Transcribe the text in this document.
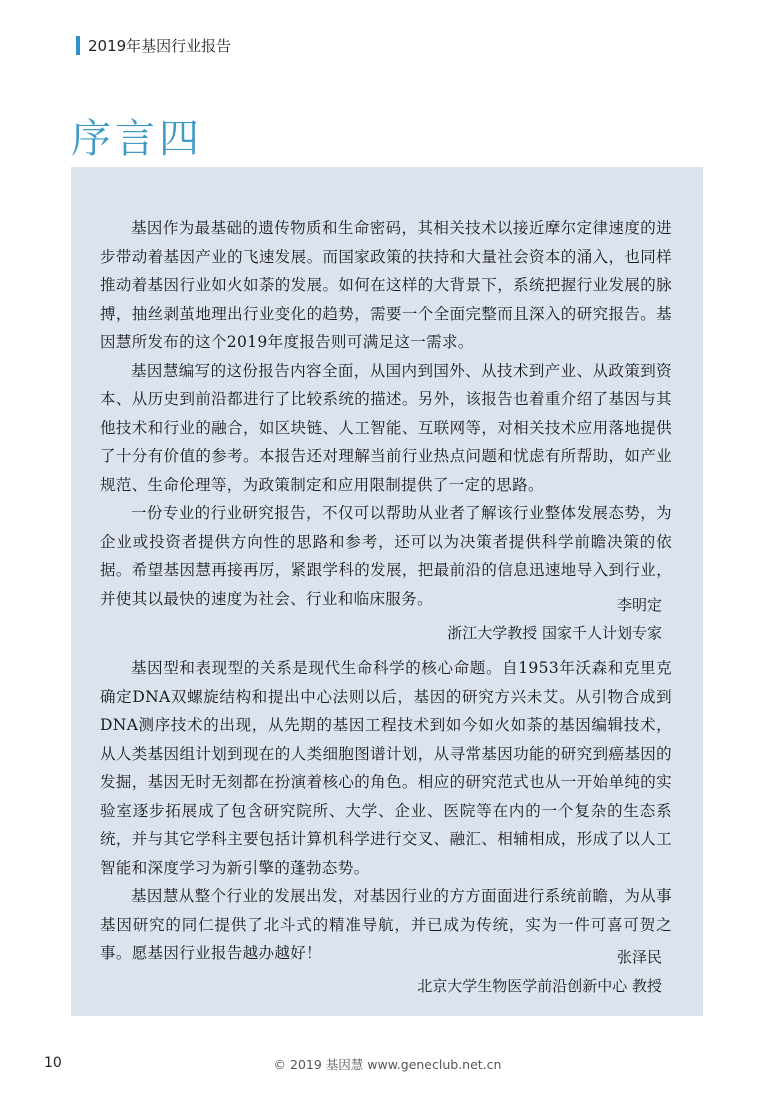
2019年基因行业报告
序言四

基因作为最基础的遗传物质和生命密码，其相关技术以接近摩尔定律速度的进步带动着基因产业的飞速发展。而国家政策的扶持和大量社会资本的涌入，也同样推动着基因行业如火如荼的发展。如何在这样的大背景下，系统把握行业发展的脉搏，抽丝剥茧地理出行业变化的趋势，需要一个全面完整而且深入的研究报告。基因慧所发布的这个2019年度报告则可满足这一需求。

基因慧编写的这份报告内容全面，从国内到国外、从技术到产业、从政策到资本、从历史到前沿都进行了比较系统的描述。另外，该报告也着重介绍了基因与其他技术和行业的融合，如区块链、人工智能、互联网等，对相关技术应用落地提供了十分有价值的参考。本报告还对理解当前行业热点问题和忧虑有所帮助，如产业规范、生命伦理等，为政策制定和应用限制提供了一定的思路。

一份专业的行业研究报告，不仅可以帮助从业者了解该行业整体发展态势，为企业或投资者提供方向性的思路和参考，还可以为决策者提供科学前瞻决策的依据。希望基因慧再接再厉，紧跟学科的发展，把最前沿的信息迅速地导入到行业，并使其以最快的速度为社会、行业和临床服务。	李明定
浙江大学教授 国家千人计划专家

基因型和表现型的关系是现代生命科学的核心命题。自1953年沃森和克里克确定DNA双螺旋结构和提出中心法则以后，基因的研究方兴未艾。从引物合成到DNA测序技术的出现，从先期的基因工程技术到如今如火如荼的基因编辑技术，从人类基因组计划到现在的人类细胞图谱计划，从寻常基因功能的研究到癌基因的发掘，基因无时无刻都在扮演着核心的角色。相应的研究范式也从一开始单纯的实验室逐步拓展成了包含研究院所、大学、企业、医院等在内的一个复杂的生态系统，并与其它学科主要包括计算机科学进行交叉、融汇、相辅相成，形成了以人工智能和深度学习为新引擎的蓬勃态势。

基因慧从整个行业的发展出发，对基因行业的方方面面进行系统前瞻，为从事基因研究的同仁提供了北斗式的精准导航，并已成为传统，实为一件可喜可贺之事。愿基因行业报告越办越好！	张泽民
北京大学生物医学前沿创新中心 教授
10	© 2019 基因慧 www.geneclub.net.cn
